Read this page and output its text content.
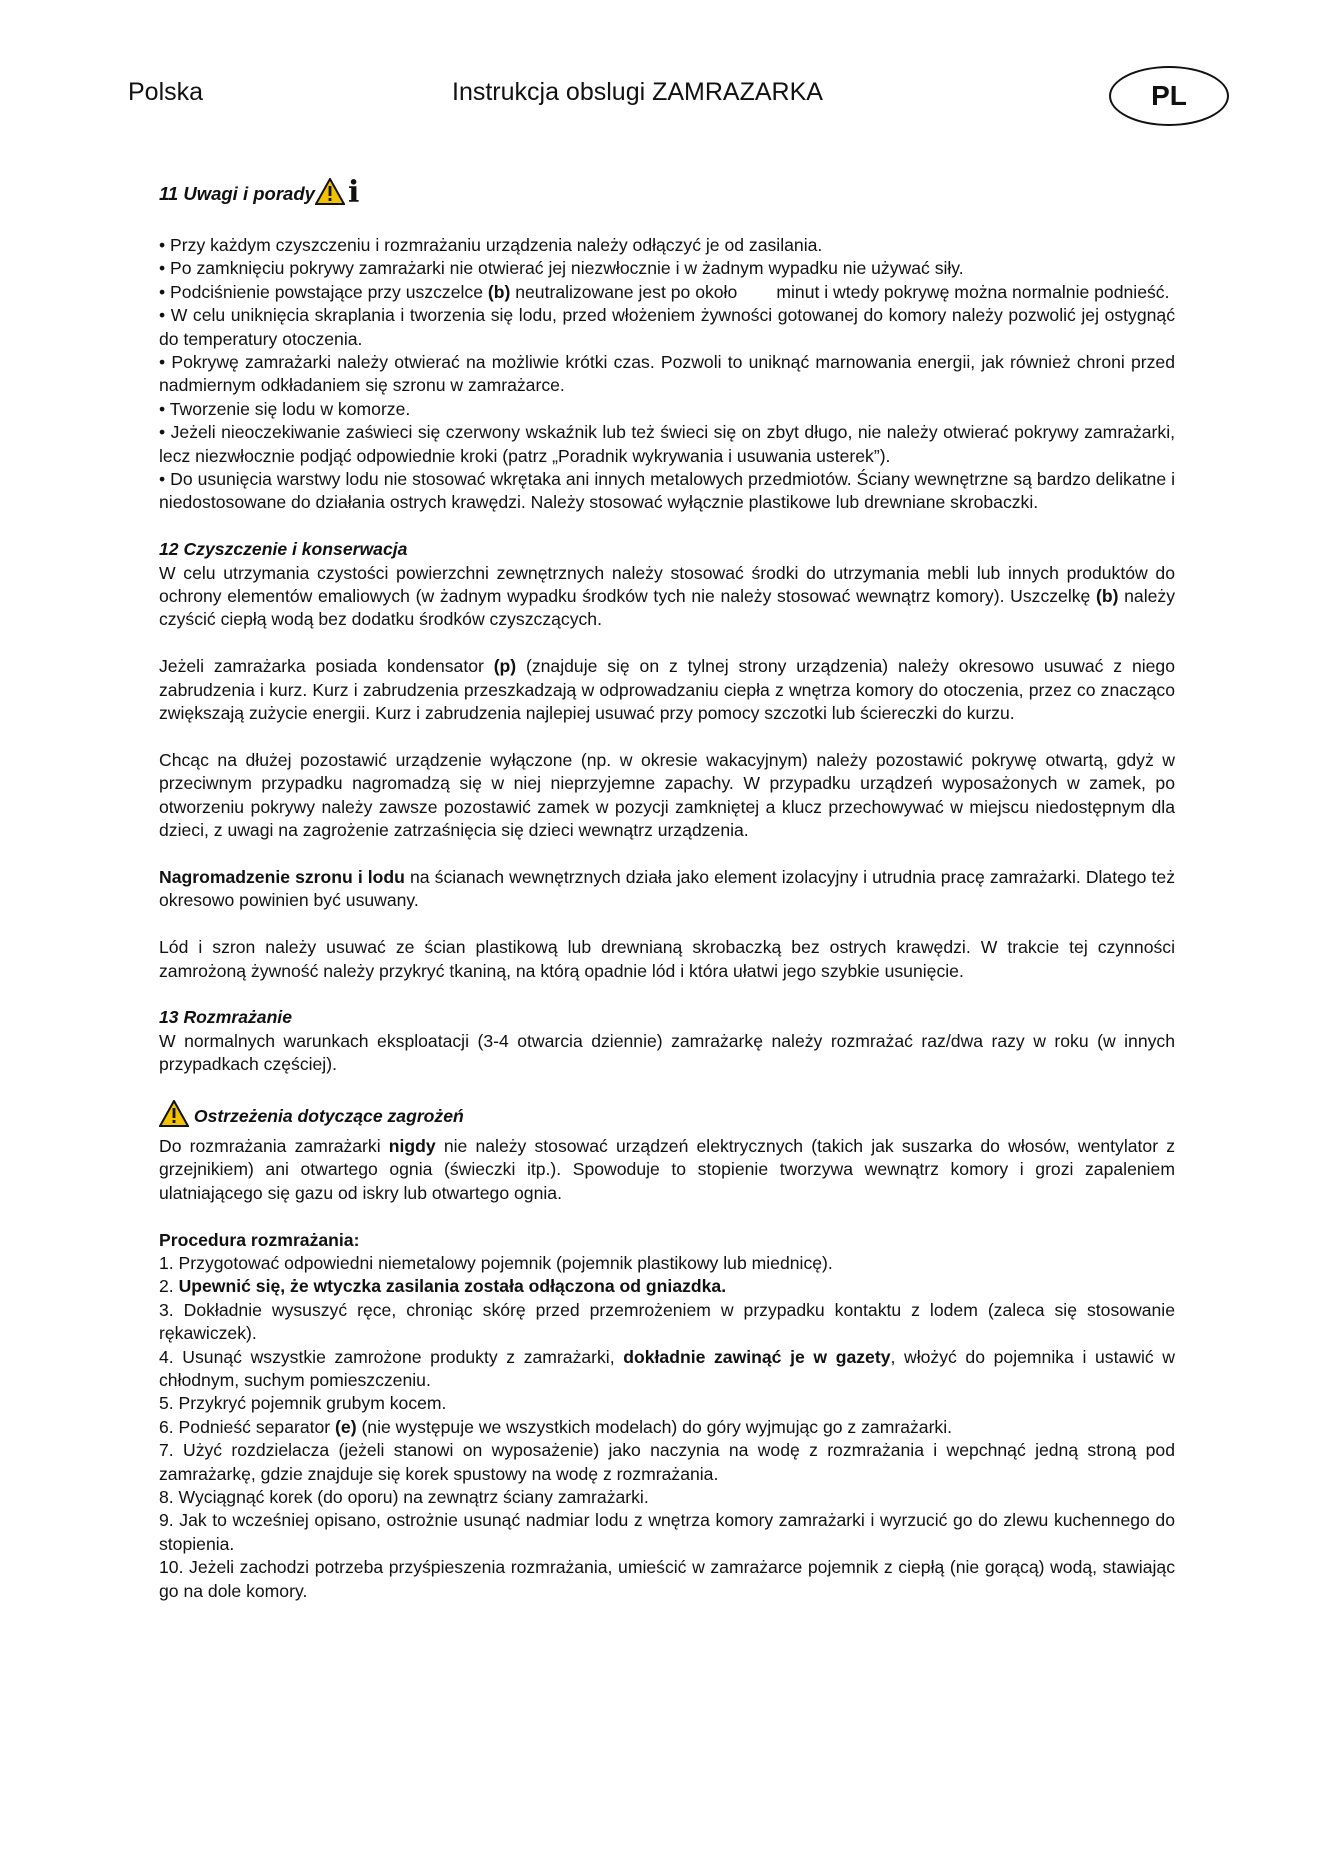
Polska	Instrukcja obslugi ZAMRAZARKA	PL
11 Uwagi i porady i

• Przy każdym czyszczeniu i rozmrażaniu urządzenia należy odłączyć je od zasilania.

• Po zamknięciu pokrywy zamrażarki nie otwierać jej niezwłocznie i w żadnym wypadku nie używać siły.

• Podciśnienie powstające przy uszczelce (b) neutralizowane jest po około        minut i wtedy pokrywę można normalnie podnieść.

• W celu uniknięcia skraplania i tworzenia się lodu, przed włożeniem żywności gotowanej do komory należy pozwolić jej ostygnąć do temperatury otoczenia.

• Pokrywę zamrażarki należy otwierać na możliwie krótki czas. Pozwoli to uniknąć marnowania energii, jak również chroni przed nadmiernym odkładaniem się szronu w zamrażarce.

• Tworzenie się lodu w komorze.

• Jeżeli nieoczekiwanie zaświeci się czerwony wskaźnik lub też świeci się on zbyt długo, nie należy otwierać pokrywy zamrażarki, lecz niezwłocznie podjąć odpowiednie kroki (patrz „Poradnik wykrywania i usuwania usterek”).

• Do usunięcia warstwy lodu nie stosować wkrętaka ani innych metalowych przedmiotów. Ściany wewnętrzne są bardzo delikatne i niedostosowane do działania ostrych krawędzi. Należy stosować wyłącznie plastikowe lub drewniane skrobaczki.

12 Czyszczenie i konserwacja

W celu utrzymania czystości powierzchni zewnętrznych należy stosować środki do utrzymania mebli lub innych produktów do ochrony elementów emaliowych (w żadnym wypadku środków tych nie należy stosować wewnątrz komory). Uszczelkę (b) należy czyścić ciepłą wodą bez dodatku środków czyszczących.

Jeżeli zamrażarka posiada kondensator (p) (znajduje się on z tylnej strony urządzenia) należy okresowo usuwać z niego zabrudzenia i kurz. Kurz i zabrudzenia przeszkadzają w odprowadzaniu ciepła z wnętrza komory do otoczenia, przez co znacząco zwiększają zużycie energii. Kurz i zabrudzenia najlepiej usuwać przy pomocy szczotki lub ściereczki do kurzu.

Chcąc na dłużej pozostawić urządzenie wyłączone (np. w okresie wakacyjnym) należy pozostawić pokrywę otwartą, gdyż w przeciwnym przypadku nagromadzą się w niej nieprzyjemne zapachy. W przypadku urządzeń wyposażonych w zamek, po otworzeniu pokrywy należy zawsze pozostawić zamek w pozycji zamkniętej a klucz przechowywać w miejscu niedostępnym dla dzieci, z uwagi na zagrożenie zatrzaśnięcia się dzieci wewnątrz urządzenia.

Nagromadzenie szronu i lodu na ścianach wewnętrznych działa jako element izolacyjny i utrudnia pracę zamrażarki. Dlatego też okresowo powinien być usuwany.

Lód i szron należy usuwać ze ścian plastikową lub drewnianą skrobaczką bez ostrych krawędzi. W trakcie tej czynności zamrożoną żywność należy przykryć tkaniną, na którą opadnie lód i która ułatwi jego szybkie usunięcie.

13 Rozmrażanie

W normalnych warunkach eksploatacji (3-4 otwarcia dziennie) zamrażarkę należy rozmrażać raz/dwa razy w roku (w innych przypadkach częściej).

Ostrzeżenia dotyczące zagrożeń

Do rozmrażania zamrażarki nigdy nie należy stosować urządzeń elektrycznych (takich jak suszarka do włosów, wentylator z grzejnikiem) ani otwartego ognia (świeczki itp.). Spowoduje to stopienie tworzywa wewnątrz komory i grozi zapaleniem ulatniającego się gazu od iskry lub otwartego ognia.

Procedura rozmrażania:

1. Przygotować odpowiedni niemetalowy pojemnik (pojemnik plastikowy lub miednicę).

2. Upewnić się, że wtyczka zasilania została odłączona od gniazdka.

3. Dokładnie wysuszyć ręce, chroniąc skórę przed przemrożeniem w przypadku kontaktu z lodem (zaleca się stosowanie rękawiczek).

4. Usunąć wszystkie zamrożone produkty z zamrażarki, dokładnie zawinąć je w gazety, włożyć do pojemnika i ustawić w chłodnym, suchym pomieszczeniu.

5. Przykryć pojemnik grubym kocem.

6. Podnieść separator (e) (nie występuje we wszystkich modelach) do góry wyjmując go z zamrażarki.

7. Użyć rozdzielacza (jeżeli stanowi on wyposażenie) jako naczynia na wodę z rozmrażania i wepchnąć jedną stroną pod zamrażarkę, gdzie znajduje się korek spustowy na wodę z rozmrażania.

8. Wyciągnąć korek (do oporu) na zewnątrz ściany zamrażarki.

9. Jak to wcześniej opisano, ostrożnie usunąć nadmiar lodu z wnętrza komory zamrażarki i wyrzucić go do zlewu kuchennego do stopienia.

10. Jeżeli zachodzi potrzeba przyśpieszenia rozmrażania, umieścić w zamrażarce pojemnik z ciepłą (nie gorącą) wodą, stawiając go na dole komory.
